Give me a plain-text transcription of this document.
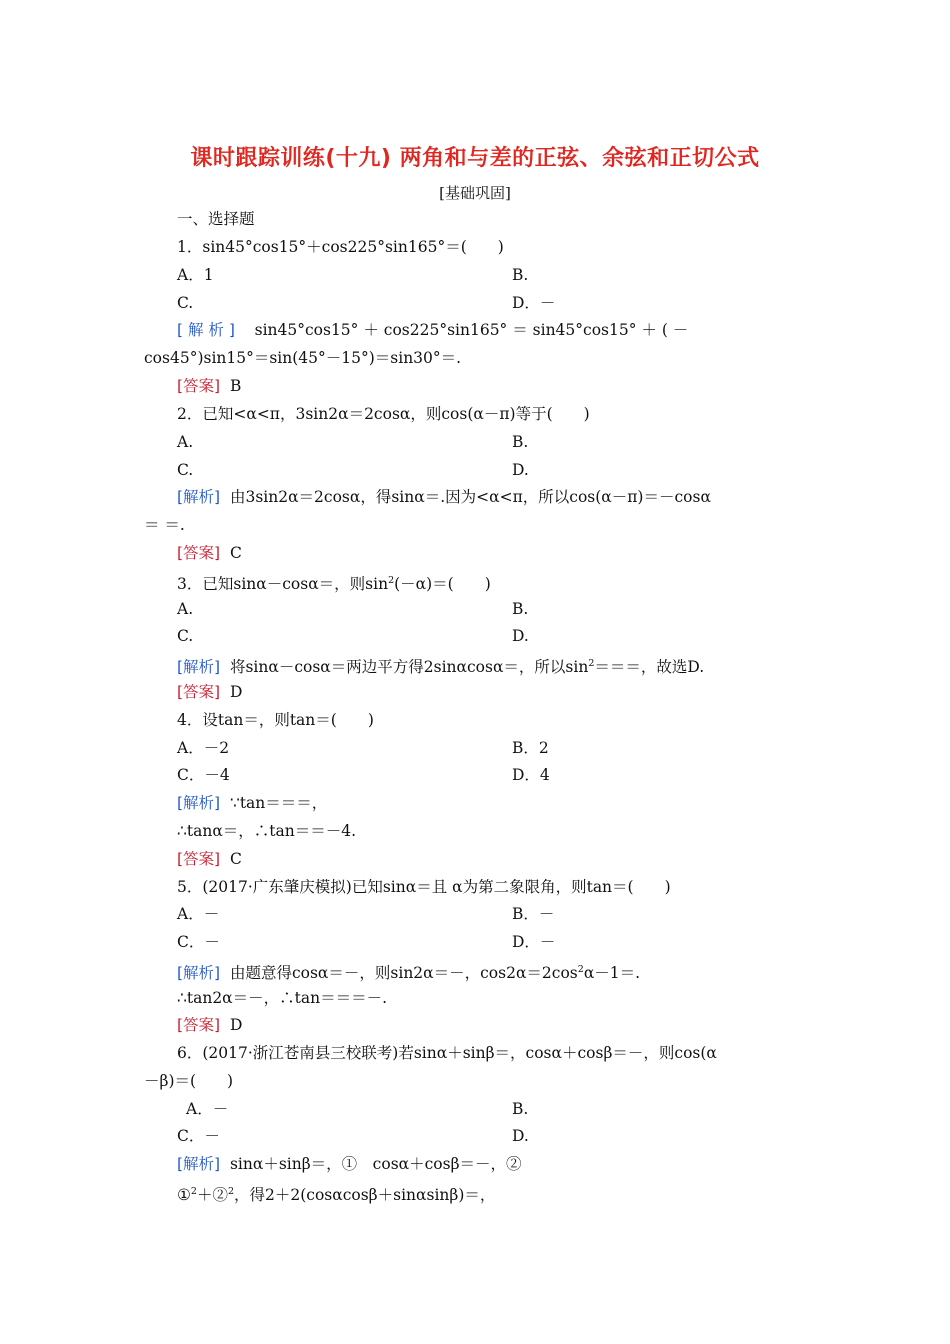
课时跟踪训练(十九) 两角和与差的正弦、余弦和正切公式
[基础巩固]
一、选择题
1．sin45°cos15°＋cos225°sin165°＝(　　)
A．1	B.
C.	D．－
[ 解 析 ] sin45°cos15° ＋ cos225°sin165° ＝ sin45°cos15° ＋ ( －
cos45°)sin15°＝sin(45°－15°)＝sin30°＝.
[答案] B
2．已知<α<π，3sin2α＝2cosα，则cos(α－π)等于(　　)
A.	B.
C.	D.
[解析] 由3sin2α＝2cosα，得sinα＝.因为<α<π，所以cos(α－π)＝－cosα
＝ ＝.
[答案] C
3．已知sinα－cosα＝，则$\sin^2(-\alpha)=$(　　)
A.	B.
C.	D.
[解析] 将sinα－cosα＝两边平方得2sinαcosα＝，所以$\sin^2===$，故选D.
[答案] D
4．设tan＝，则tan＝(　　)
A．－2	B．2
C．－4	D．4
[解析] ∵tan＝＝＝，
∴tanα＝，∴tan＝＝－4.
[答案] C
5．(2017·广东肇庆模拟)已知sinα＝且 α为第二象限角，则tan＝(　　)
A．－	B．－
C．－	D．－
[解析] 由题意得cosα＝－，则sin2α＝－，$\cos 2\alpha=2\cos^2\alpha-1=$.
∴tan2α＝－，∴tan＝＝＝－.
[答案] D
6．(2017·浙江苍南县三校联考)若sinα＋sinβ＝，cosα＋cosβ＝－，则cos(α
－β)＝(　　)
A．－	B.
C．－	D.
[解析] sinα＋sinβ＝，①　cosα＋cosβ＝－，②
①$^2$＋②$^2$，得2＋2(cosαcosβ＋sinαsinβ)＝，
